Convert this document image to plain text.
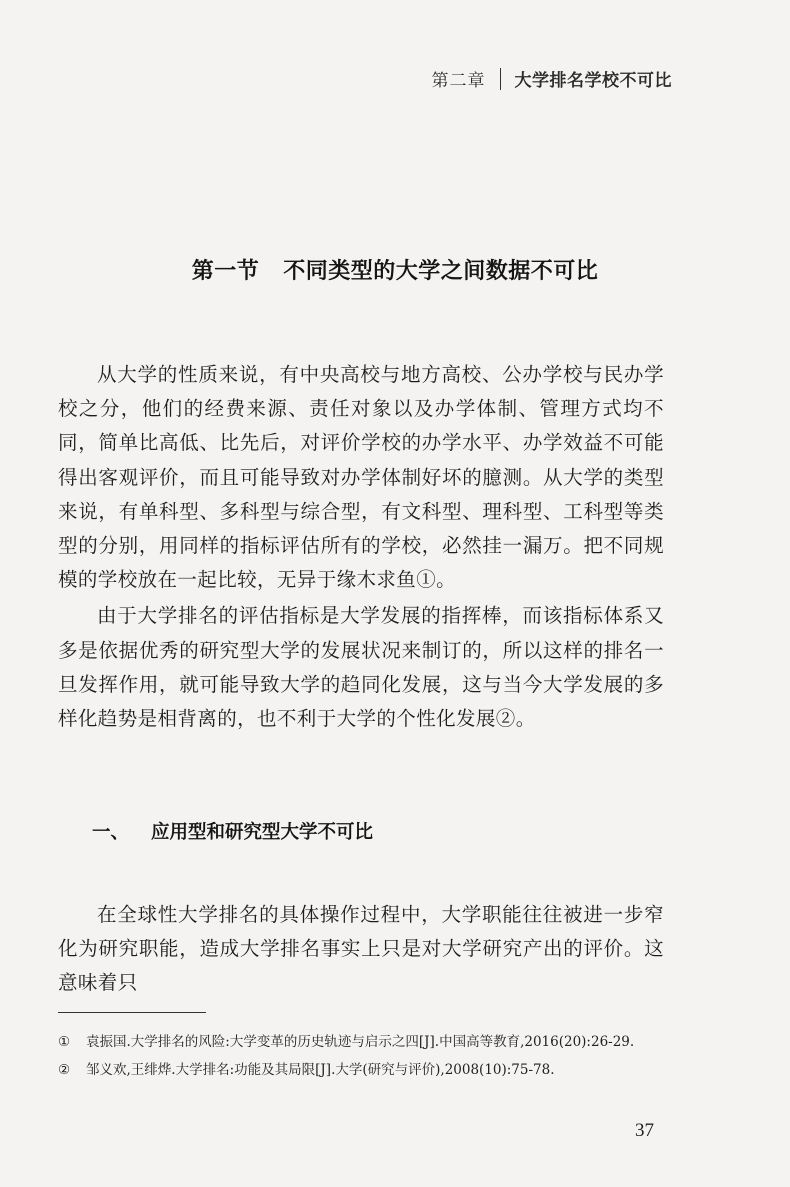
第二章 大学排名学校不可比
第一节 不同类型的大学之间数据不可比

从大学的性质来说，有中央高校与地方高校、公办学校与民办学校之分，他们的经费来源、责任对象以及办学体制、管理方式均不同，简单比高低、比先后，对评价学校的办学水平、办学效益不可能得出客观评价，而且可能导致对办学体制好坏的臆测。从大学的类型来说，有单科型、多科型与综合型，有文科型、理科型、工科型等类型的分别，用同样的指标评估所有的学校，必然挂一漏万。把不同规模的学校放在一起比较，无异于缘木求鱼①。

由于大学排名的评估指标是大学发展的指挥棒，而该指标体系又多是依据优秀的研究型大学的发展状况来制订的，所以这样的排名一旦发挥作用，就可能导致大学的趋同化发展，这与当今大学发展的多样化趋势是相背离的，也不利于大学的个性化发展②。

一、 应用型和研究型大学不可比

在全球性大学排名的具体操作过程中，大学职能往往被进一步窄化为研究职能，造成大学排名事实上只是对大学研究产出的评价。这意味着只

① 袁振国.大学排名的风险:大学变革的历史轨迹与启示之四[J].中国高等教育,2016(20):26-29.

② 邹义欢,王绯烨.大学排名:功能及其局限[J].大学(研究与评价),2008(10):75-78.

37
